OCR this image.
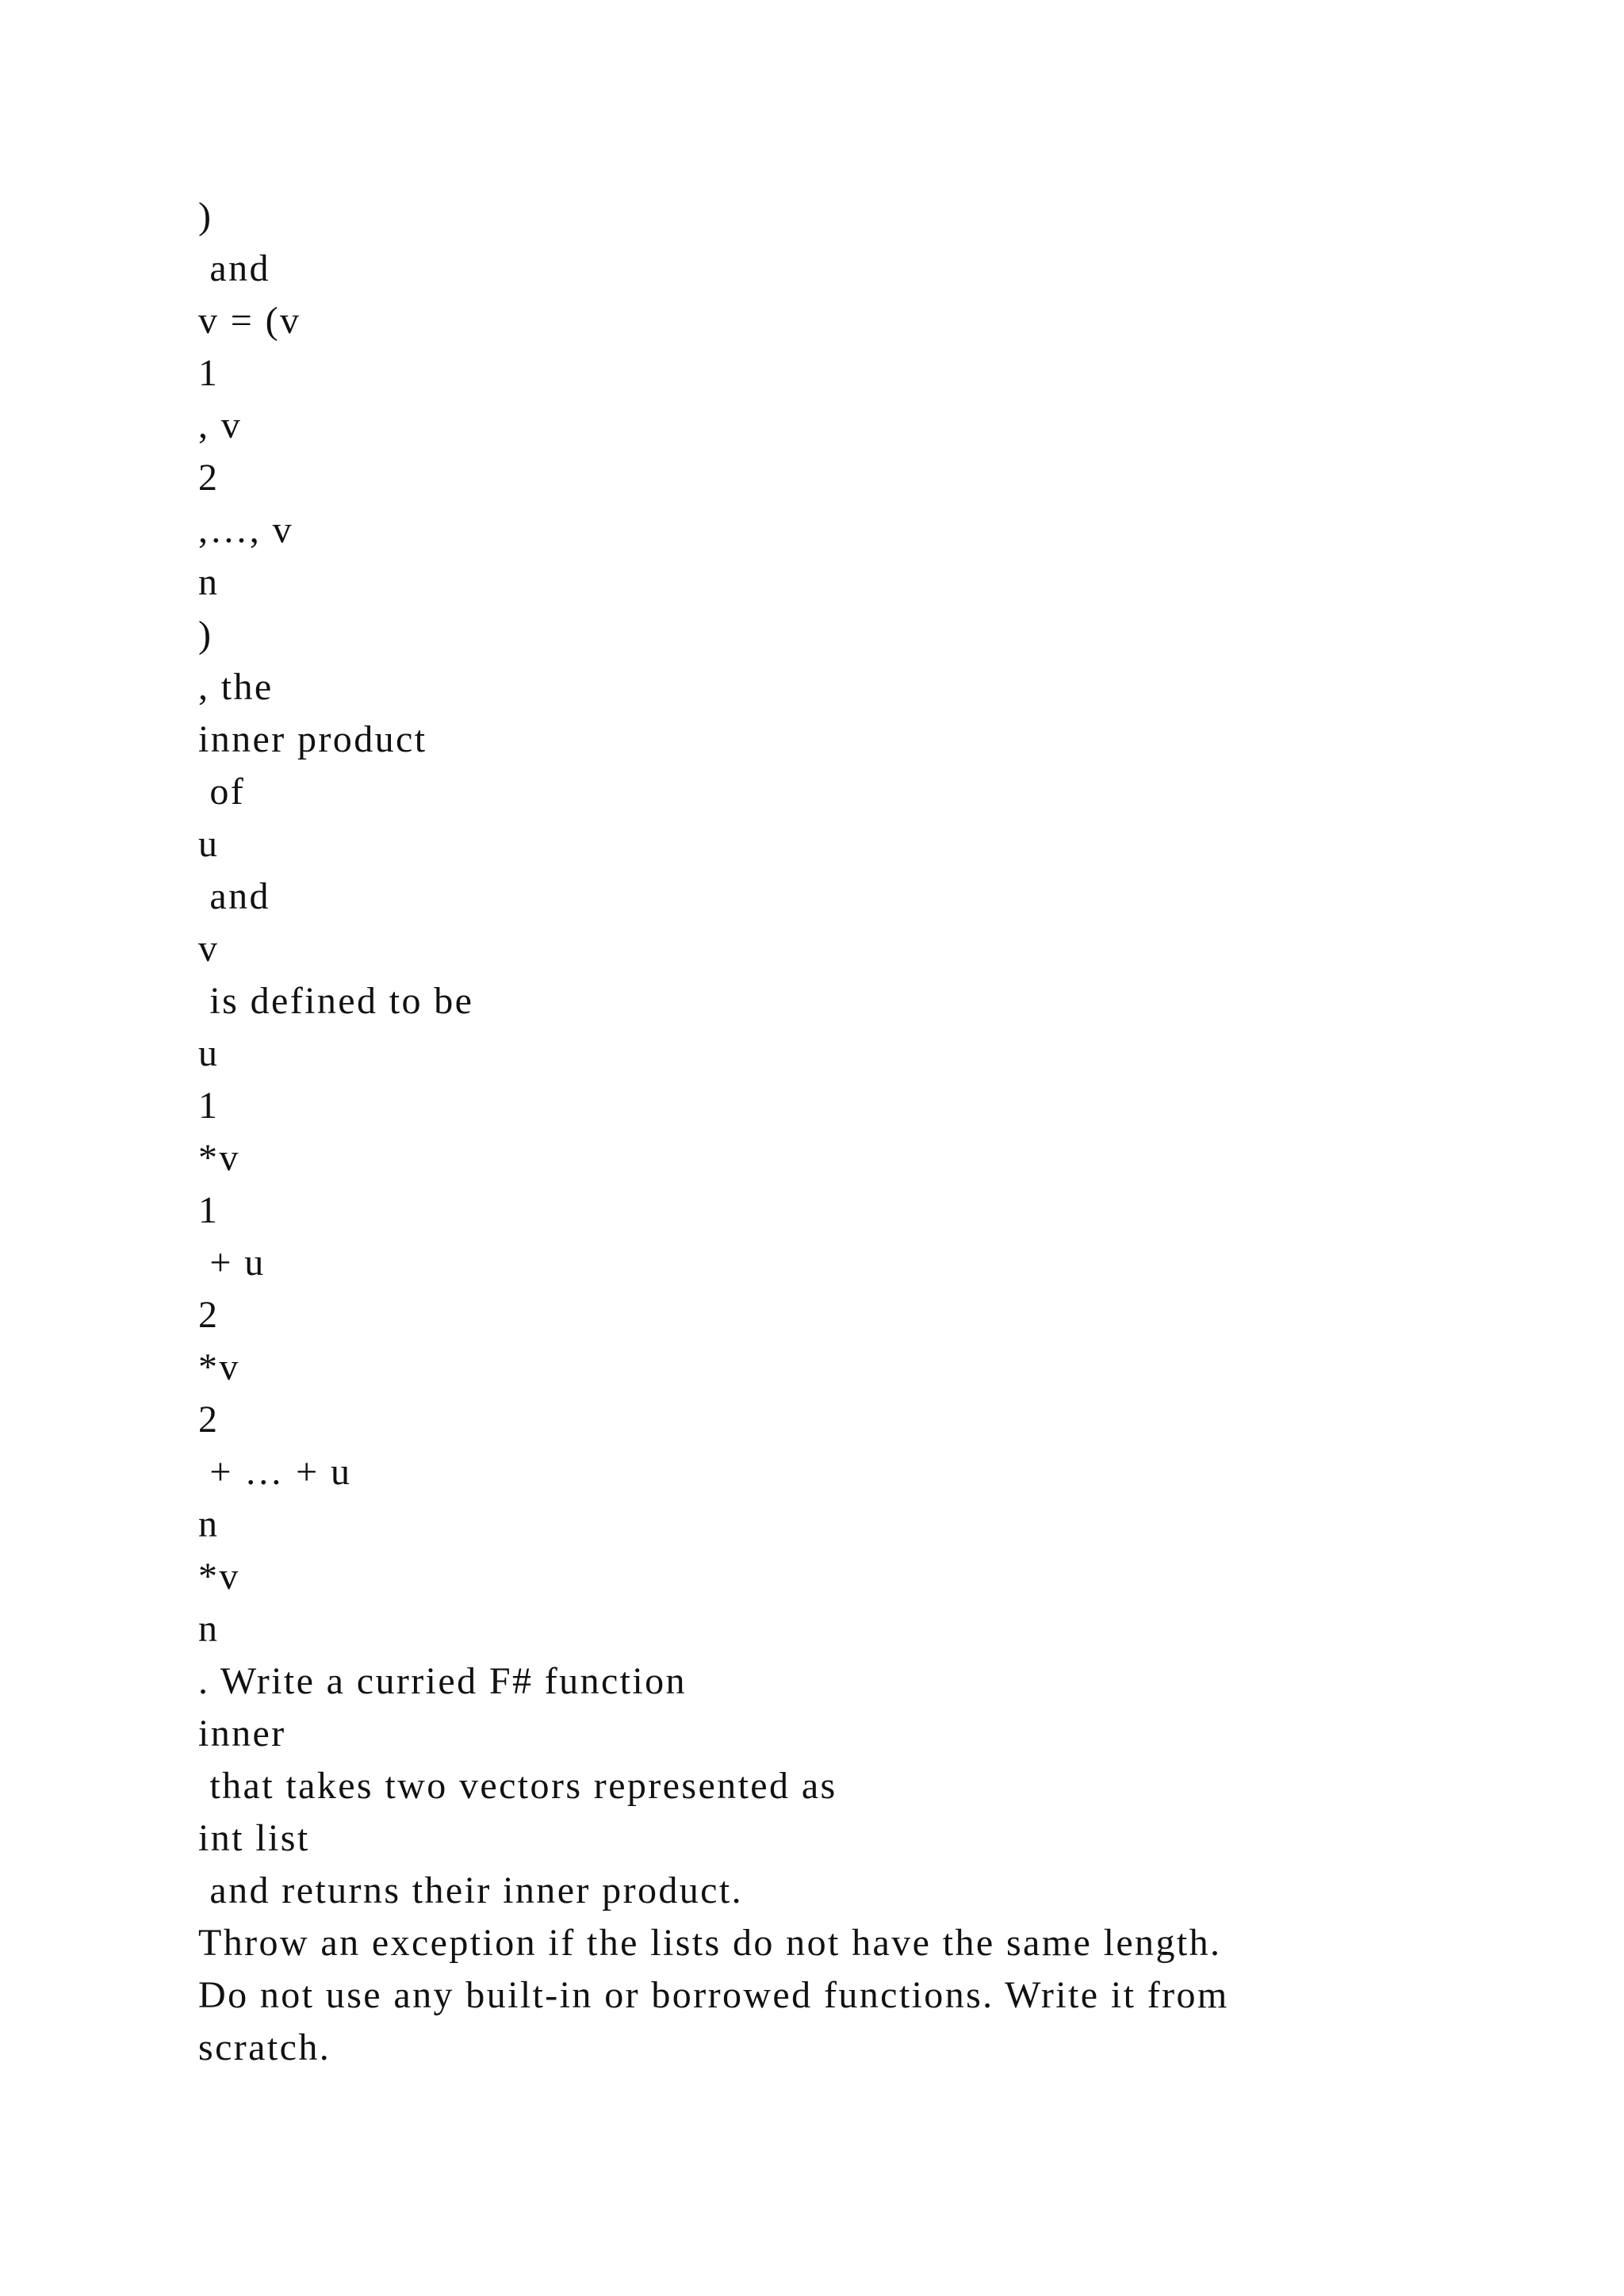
)
and
v = (v
1
, v
2
,…, v
n
)
, the
inner product
of
u
and
v
is defined to be
u
1
*v
1
+ u
2
*v
2
+ … + u
n
*v
n
. Write a curried F# function
inner
that takes two vectors represented as
int list
and returns their inner product.
Throw an exception if the lists do not have the same length.
Do not use any built-in or borrowed functions. Write it from
scratch.
